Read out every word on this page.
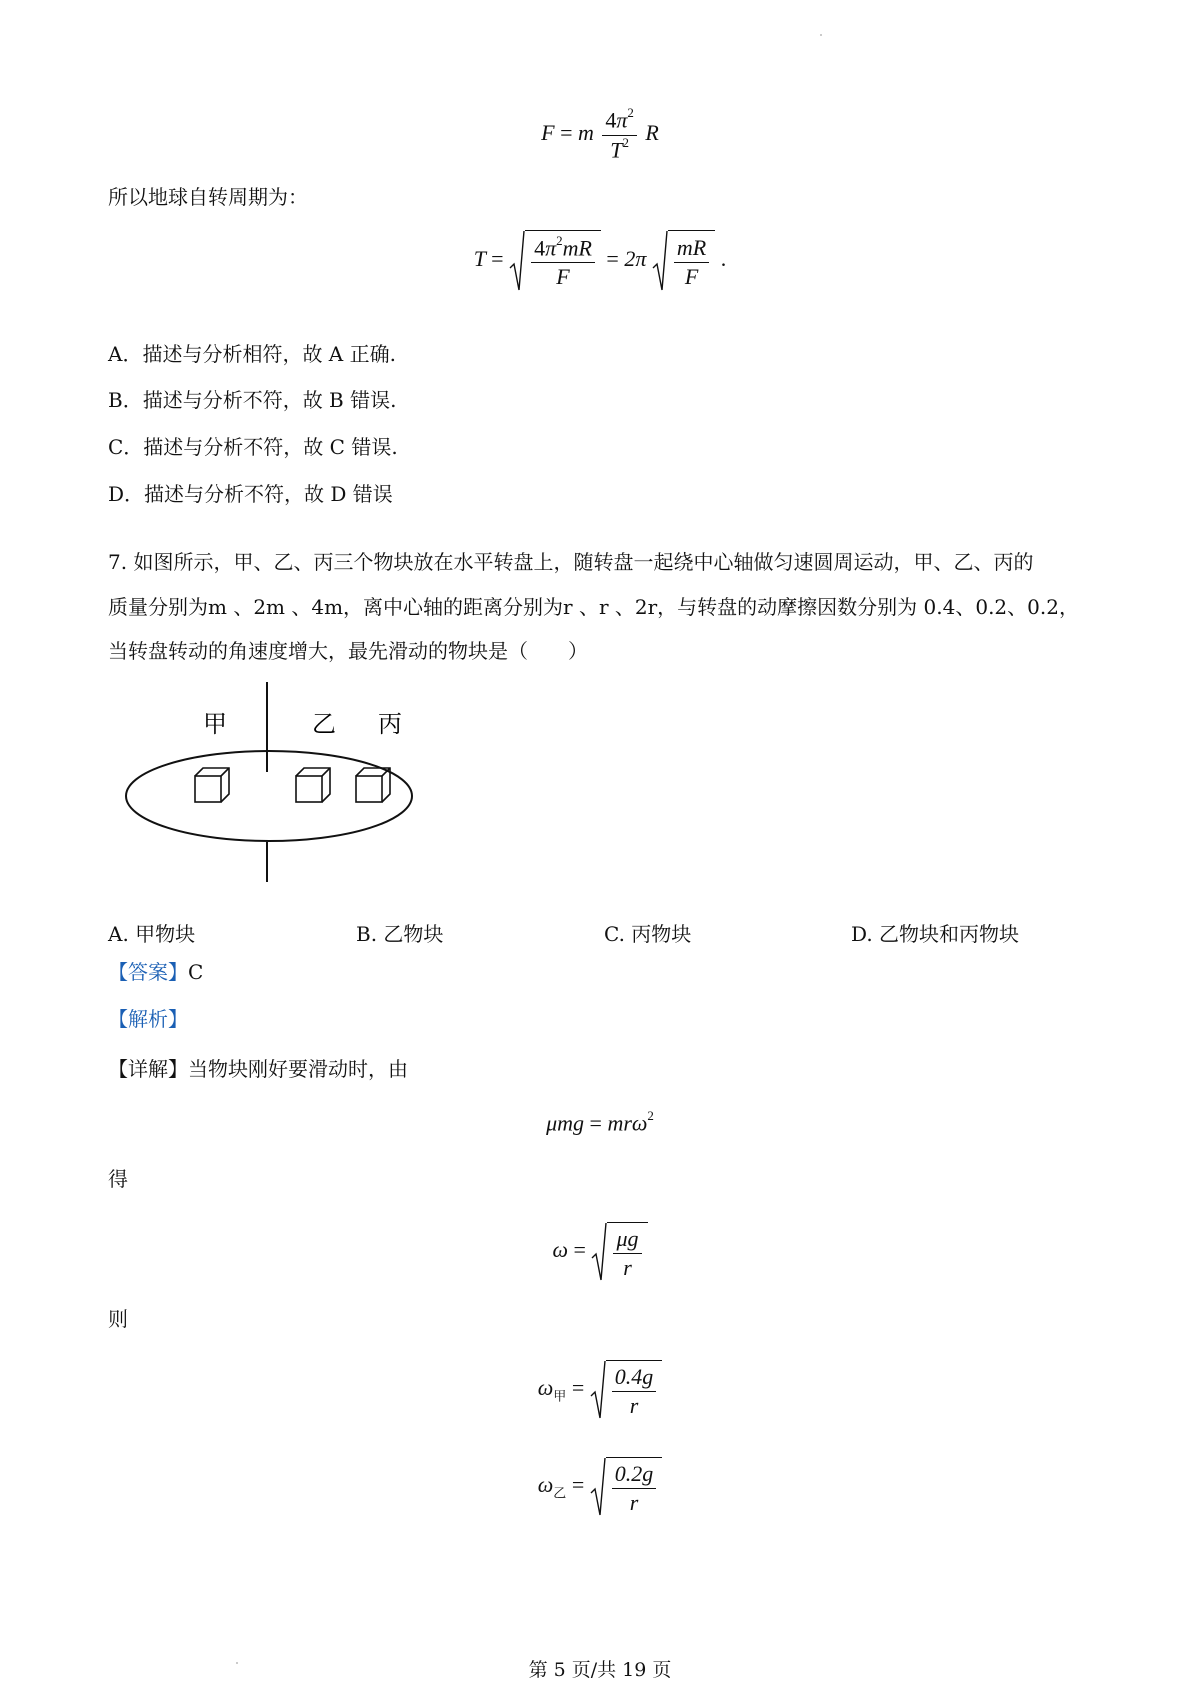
F = m $\frac{4\pi^2}{T^2}$ R
所以地球自转周期为：
$T = \frac{4\pi^2mR}{F} = 2\pi \frac{mR}{F}$ .
A．描述与分析相符，故 A 正确.
B．描述与分析不符，故 B 错误.
C．描述与分析不符，故 C 错误.
D．描述与分析不符，故 D 错误
7. 如图所示，甲、乙、丙三个物块放在水平转盘上，随转盘一起绕中心轴做匀速圆周运动，甲、乙、丙的
质量分别为m 、2m 、4m，离中心轴的距离分别为r 、r 、2r，与转盘的动摩擦因数分别为 0.4、0.2、0.2，
当转盘转动的角速度增大，最先滑动的物块是（　　）
甲	乙 丙
A. 甲物块	B. 乙物块	C. 丙物块	D. 乙物块和丙物块
【答案】C
【解析】
【详解】当物块刚好要滑动时，由
μmg = mrω$^2$
得
$\omega = \frac{\mu g}{r}$
则
$\omega_甲 = \frac{0.4g}{r}$
$\omega_乙 = \frac{0.2g}{r}$
第 5 页/共 19 页
